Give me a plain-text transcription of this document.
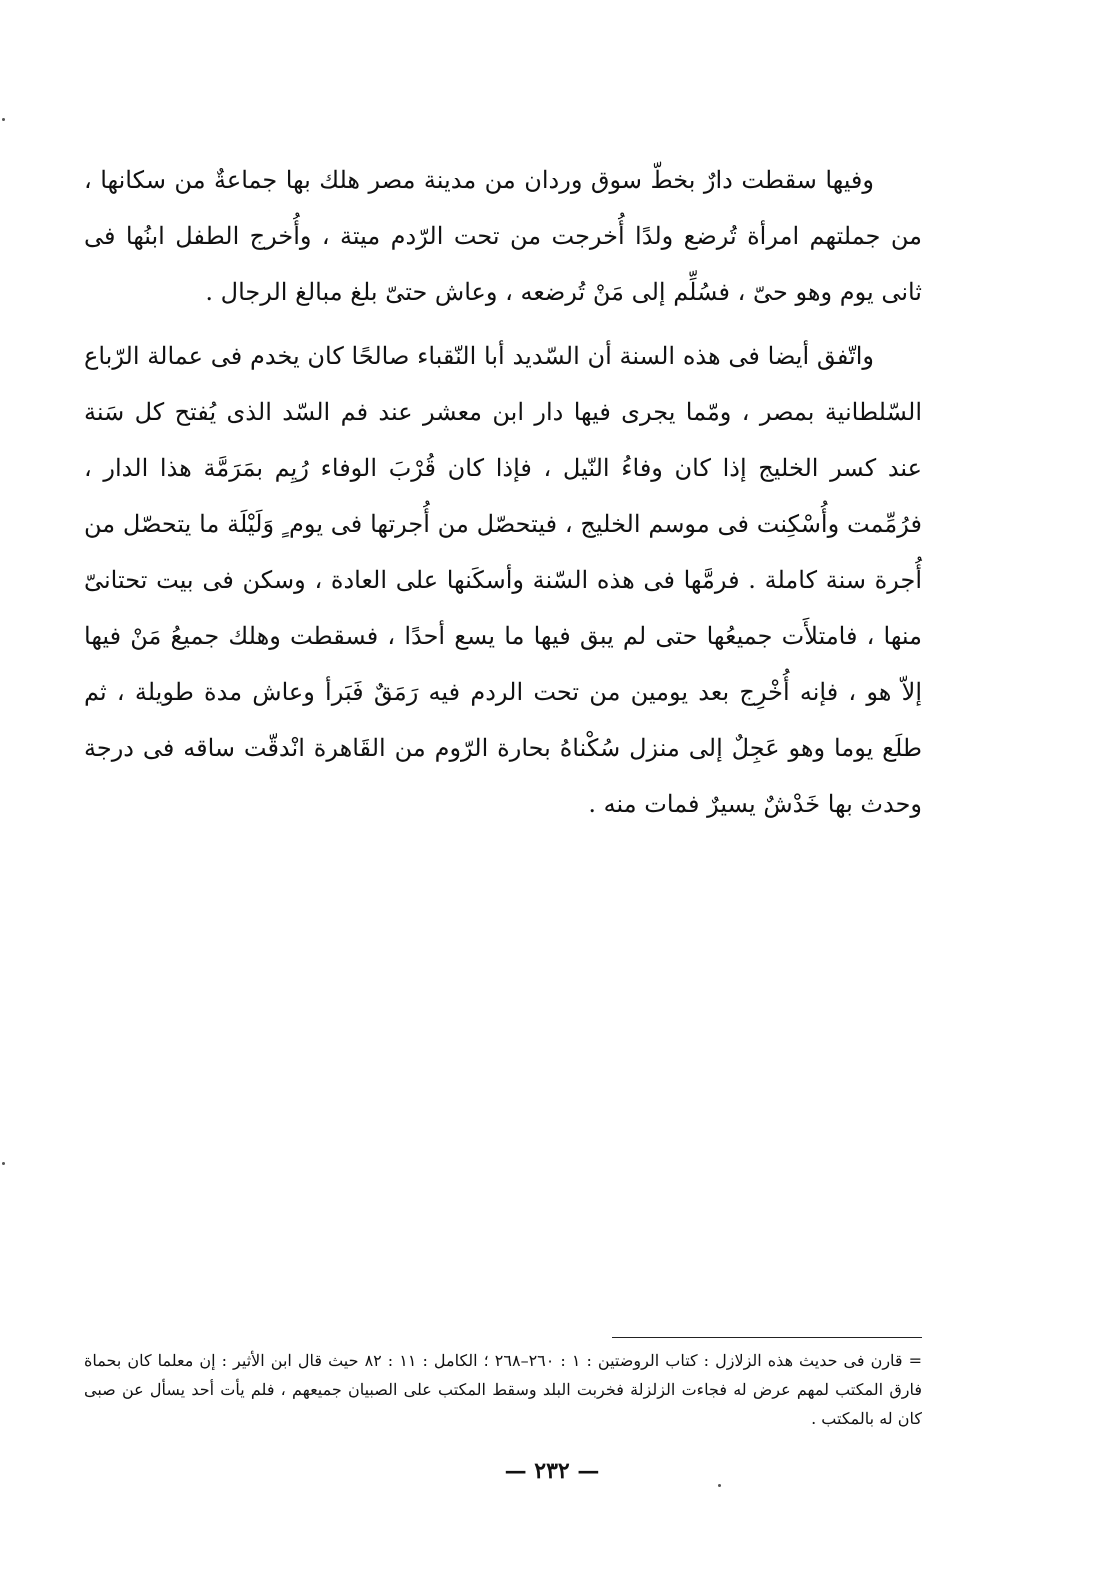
وفيها سقطت دارٌ بخطّ سوق وردان من مدينة مصر هلك بها جماعةٌ من سكانها ، من جملتهم امرأة تُرضع ولدًا أُخرجت من تحت الرّدم ميتة ، وأُخرج الطفل ابنُها فى ثانى يوم وهو حىّ ، فسُلِّم إلى مَنْ تُرضعه ، وعاش حتىّ بلغ مبالغ الرجال .

واتّفق أيضا فى هذه السنة أن السّديد أبا النّقباء صالحًا كان يخدم فى عمالة الرّباع السّلطانية بمصر ، ومّما يجرى فيها دار ابن معشر عند فم السّد الذى يُفتح كل سَنة عند كسر الخليج إذا كان وفاءُ النّيل ، فإذا كان قُرْبَ الوفاء رُيِم بمَرَمَّة هذا الدار ، فرُمِّمت وأُسْكِنت فى موسم الخليج ، فيتحصّل من أُجرتها فى يوم ٍ وَلَيْلَة ما يتحصّل من أُجرة سنة كاملة . فرمَّها فى هذه السّنة وأسكَنها على العادة ، وسكن فى بيت تحتانىّ منها ، فامتلأَت جميعُها حتى لم يبق فيها ما يسع أحدًا ، فسقطت وهلك جميعُ مَنْ فيها إلاّ هو ، فإنه أُخْرِج بعد يومين من تحت الردم فيه رَمَقٌ فَبَرأ وعاش مدة طويلة ، ثم طلَع يوما وهو عَجِلٌ إلى منزل سُكْناهُ بحارة الرّوم من القَاهرة انْدقّت ساقه فى درجة وحدث بها خَدْشٌ يسيرٌ فمات منه .

= قارن فى حديث هذه الزلازل : كتاب الروضتين : ١ : ٢٦٠–٢٦٨ ؛ الكامل : ١١ : ٨٢ حيث قال ابن الأثير : إن معلما كان بحماة فارق المكتب لمهم عرض له فجاءت الزلزلة فخربت البلد وسقط المكتب على الصبيان جميعهم ، فلم يأت أحد يسأل عن صبى كان له بالمكتب .

— ٢٣٢ —
